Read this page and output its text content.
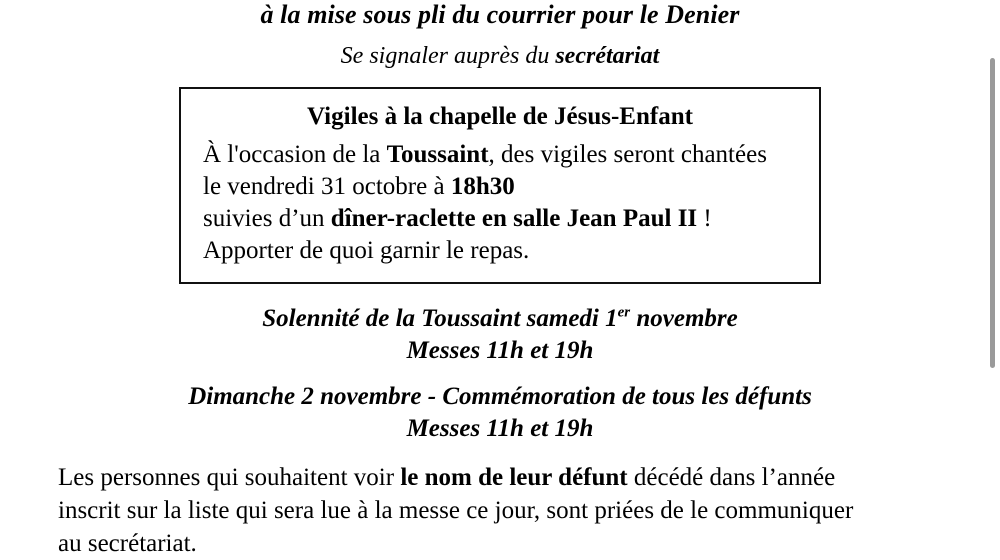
à la mise sous pli du courrier pour le Denier
Se signaler auprès du secrétariat
Vigiles à la chapelle de Jésus-Enfant
À l'occasion de la Toussaint, des vigiles seront chantées
le vendredi 31 octobre à 18h30
suivies d’un dîner-raclette en salle Jean Paul II !
Apporter de quoi garnir le repas.
Solennité de la Toussaint samedi 1er novembre
Messes 11h et 19h
Dimanche 2 novembre - Commémoration de tous les défunts
Messes 11h et 19h
Les personnes qui souhaitent voir le nom de leur défunt décédé dans l’année
inscrit sur la liste qui sera lue à la messe ce jour, sont priées de le communiquer
au secrétariat.
